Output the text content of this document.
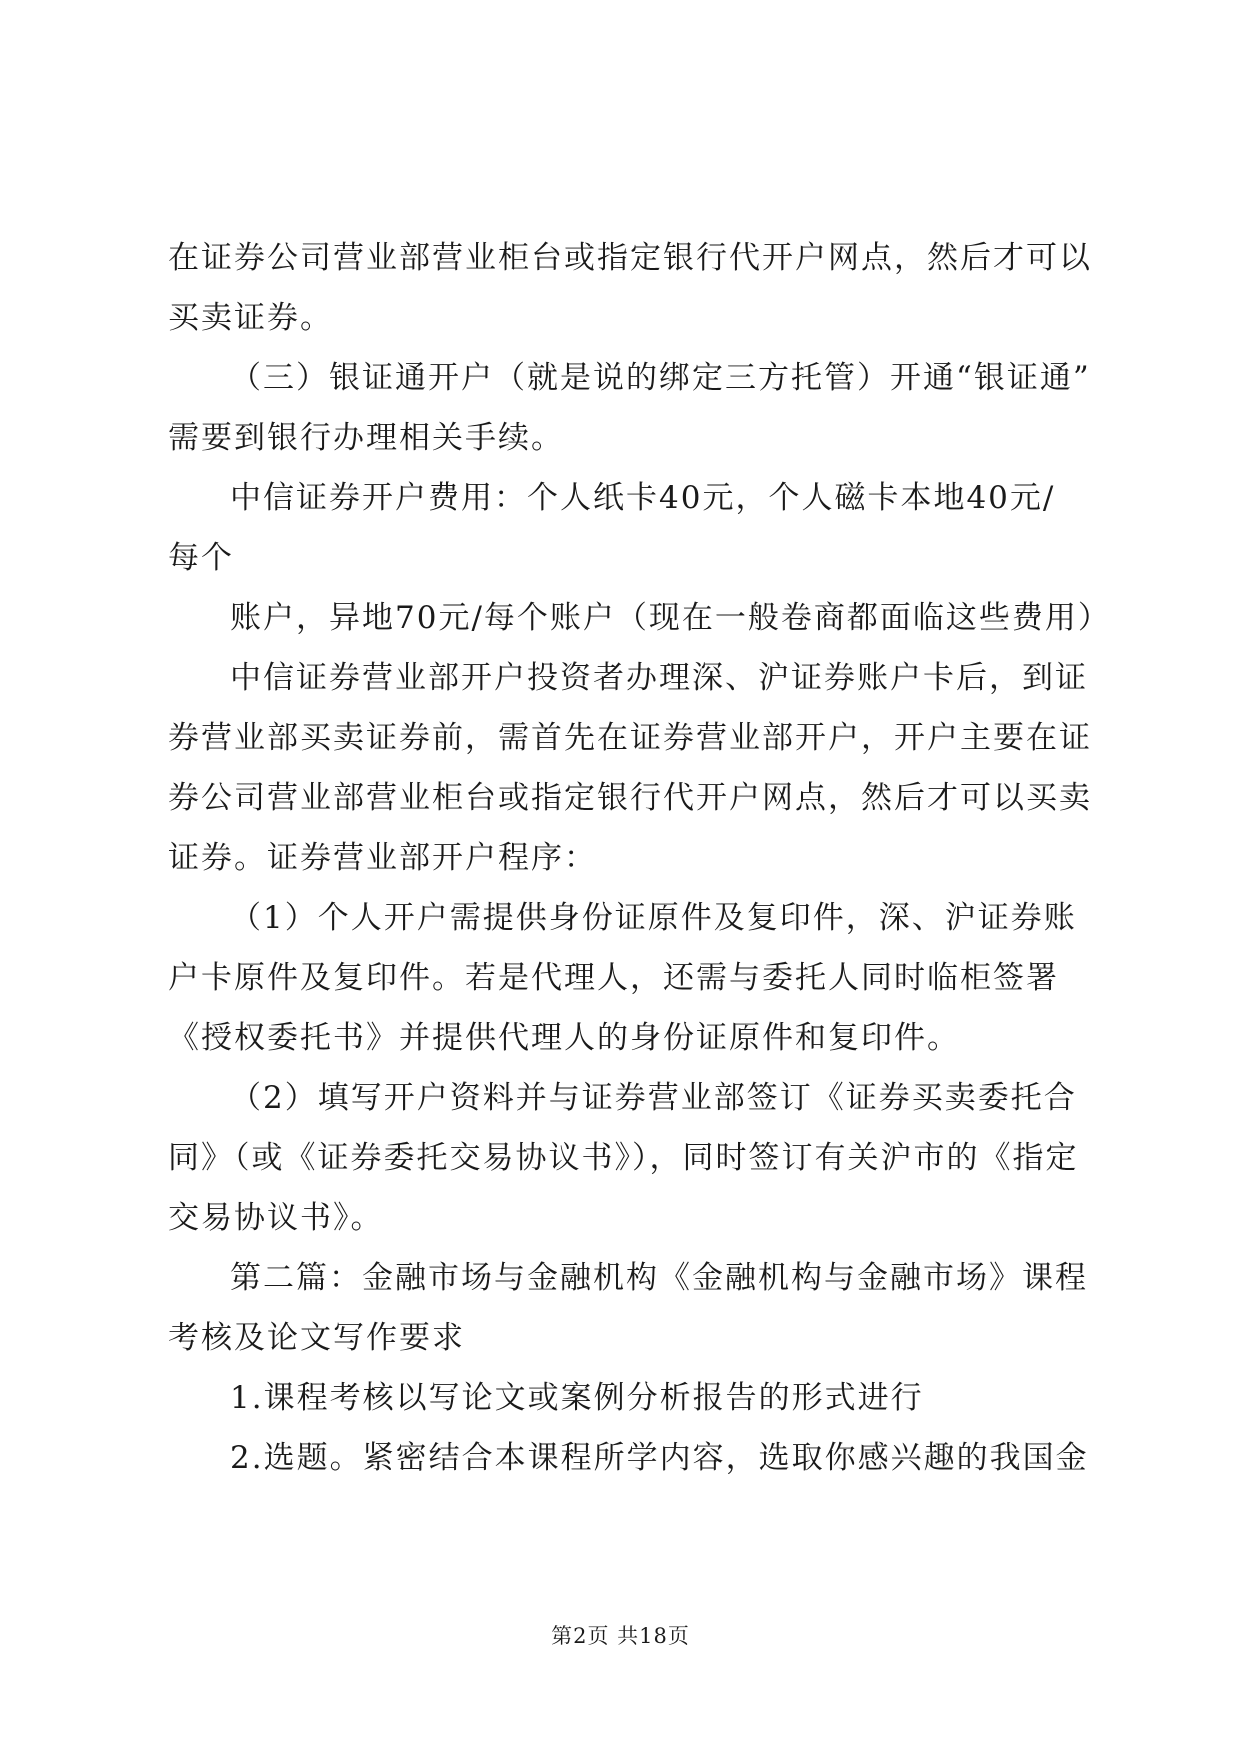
在证券公司营业部营业柜台或指定银行代开户网点，然后才可以
买卖证券。
（三）银证通开户（就是说的绑定三方托管）开通“银证通”
需要到银行办理相关手续。
中信证券开户费用：个人纸卡40元，个人磁卡本地40元/
每个
账户，异地70元/每个账户（现在一般卷商都面临这些费用）
中信证券营业部开户投资者办理深、沪证券账户卡后，到证
券营业部买卖证券前，需首先在证券营业部开户，开户主要在证
券公司营业部营业柜台或指定银行代开户网点，然后才可以买卖
证券。证券营业部开户程序：
（1）个人开户需提供身份证原件及复印件，深、沪证券账
户卡原件及复印件。若是代理人，还需与委托人同时临柜签署
《授权委托书》并提供代理人的身份证原件和复印件。
（2）填写开户资料并与证券营业部签订《证券买卖委托合
同》（或《证券委托交易协议书》），同时签订有关沪市的《指定
交易协议书》。
第二篇：金融市场与金融机构《金融机构与金融市场》课程
考核及论文写作要求
1.课程考核以写论文或案例分析报告的形式进行
2.选题。紧密结合本课程所学内容，选取你感兴趣的我国金
第2页 共18页
